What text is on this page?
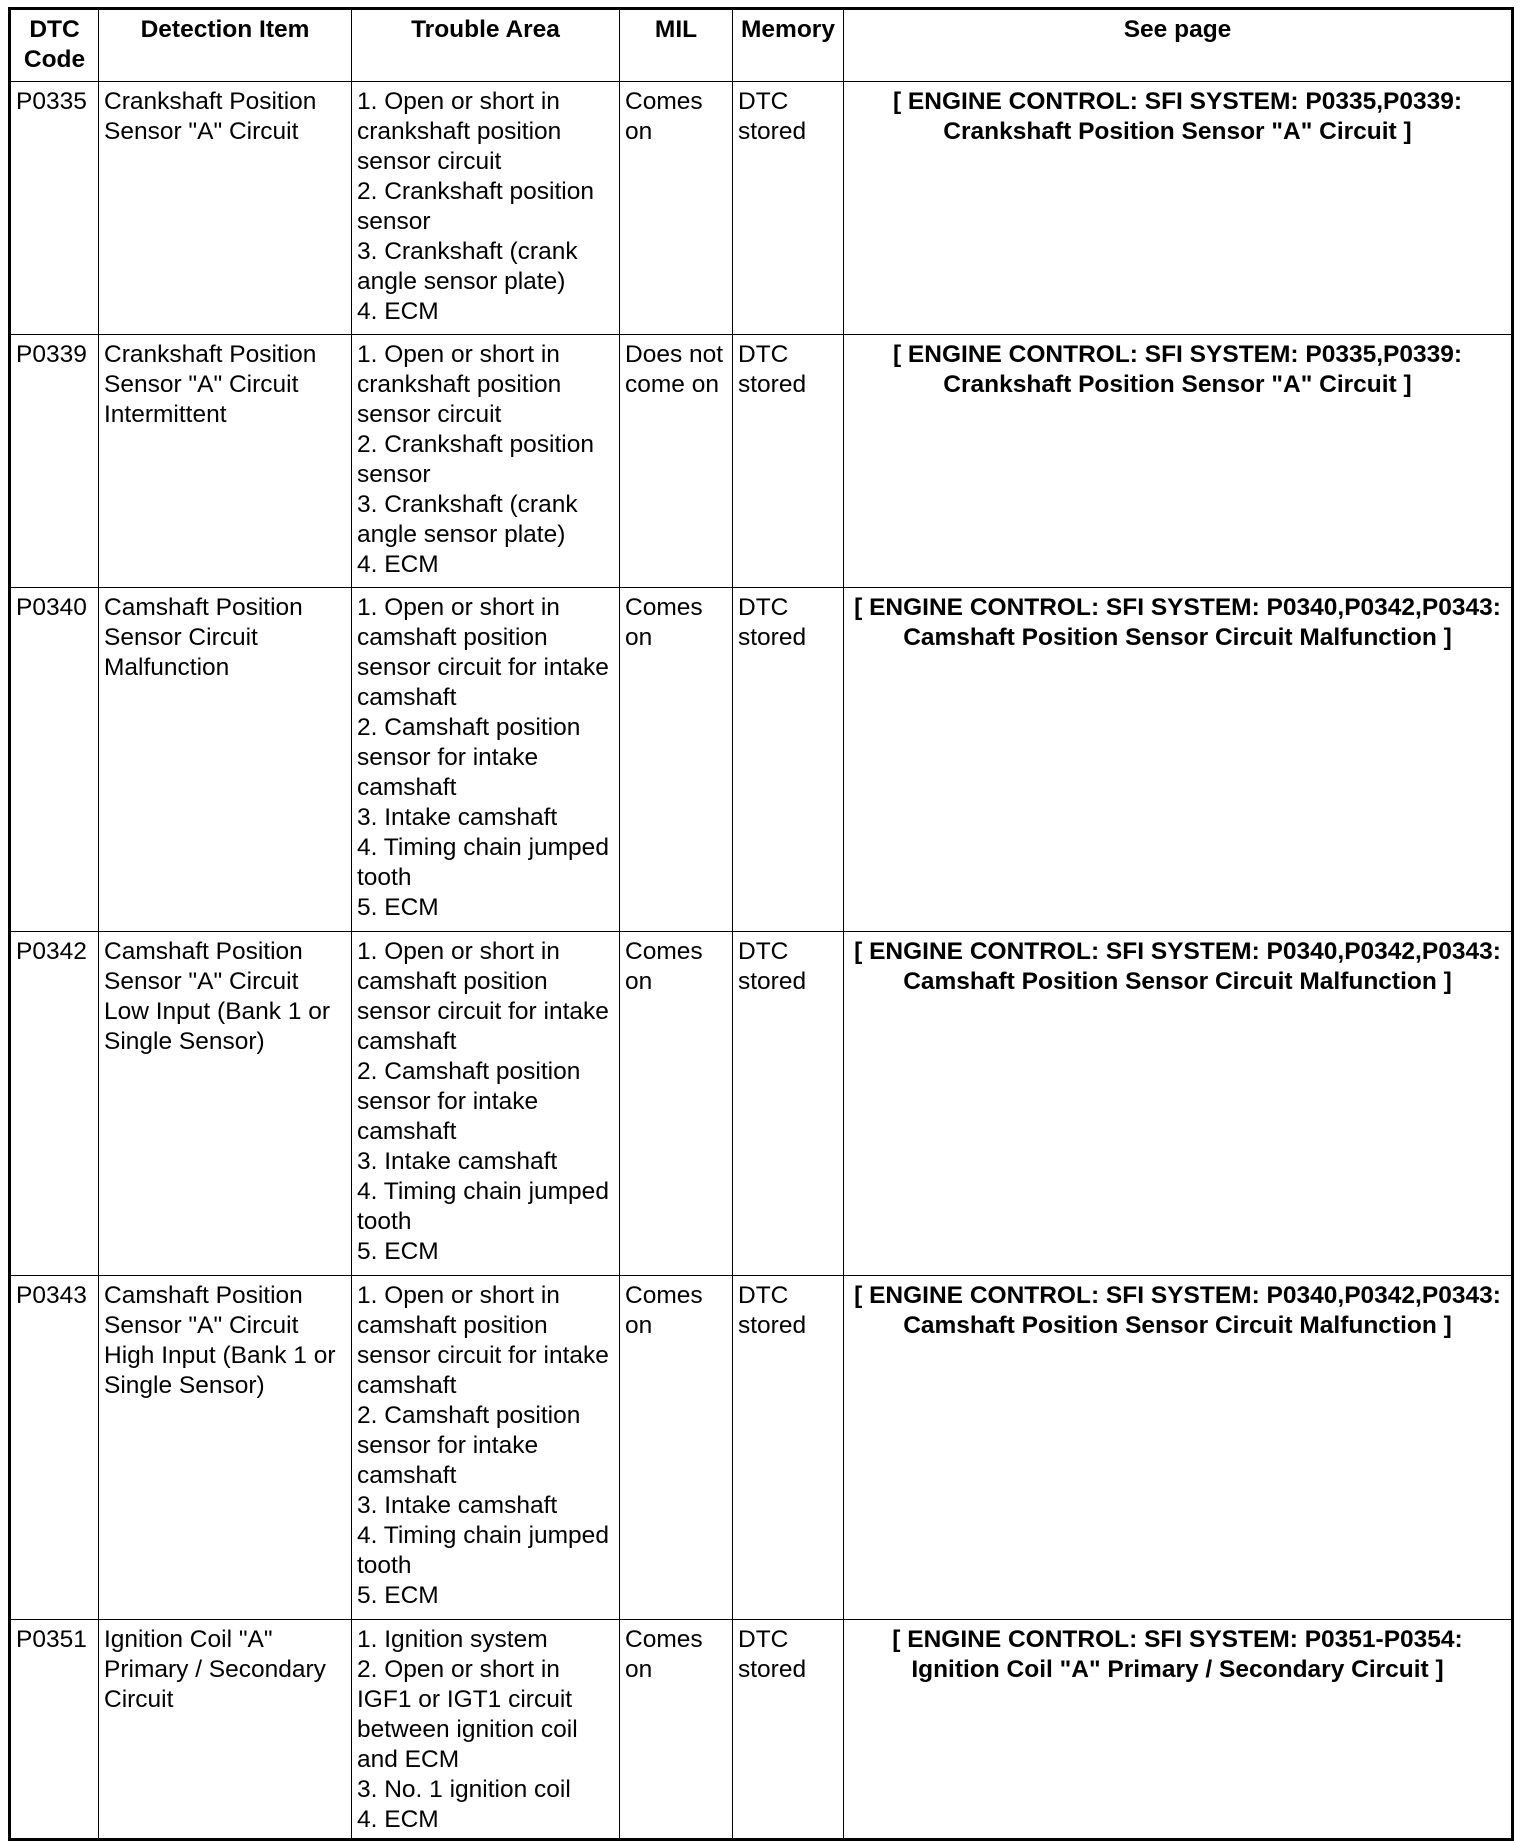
DTC Code	Detection Item	Trouble Area	MIL	Memory	See page
P0335	Crankshaft Position Sensor "A" Circuit	1. Open or short in crankshaft position sensor circuit
2. Crankshaft position sensor
3. Crankshaft (crank angle sensor plate)
4. ECM	Comes on	DTC stored	[ ENGINE CONTROL: SFI SYSTEM: P0335,P0339: Crankshaft Position Sensor "A" Circuit ]
P0339	Crankshaft Position Sensor "A" Circuit Intermittent	1. Open or short in crankshaft position sensor circuit
2. Crankshaft position sensor
3. Crankshaft (crank angle sensor plate)
4. ECM	Does not come on	DTC stored	[ ENGINE CONTROL: SFI SYSTEM: P0335,P0339: Crankshaft Position Sensor "A" Circuit ]
P0340	Camshaft Position Sensor Circuit Malfunction	1. Open or short in camshaft position sensor circuit for intake camshaft
2. Camshaft position sensor for intake camshaft
3. Intake camshaft
4. Timing chain jumped tooth
5. ECM	Comes on	DTC stored	[ ENGINE CONTROL: SFI SYSTEM: P0340,P0342,P0343: Camshaft Position Sensor Circuit Malfunction ]
P0342	Camshaft Position Sensor "A" Circuit Low Input (Bank 1 or Single Sensor)	1. Open or short in camshaft position sensor circuit for intake camshaft
2. Camshaft position sensor for intake camshaft
3. Intake camshaft
4. Timing chain jumped tooth
5. ECM	Comes on	DTC stored	[ ENGINE CONTROL: SFI SYSTEM: P0340,P0342,P0343: Camshaft Position Sensor Circuit Malfunction ]
P0343	Camshaft Position Sensor "A" Circuit High Input (Bank 1 or Single Sensor)	1. Open or short in camshaft position sensor circuit for intake camshaft
2. Camshaft position sensor for intake camshaft
3. Intake camshaft
4. Timing chain jumped tooth
5. ECM	Comes on	DTC stored	[ ENGINE CONTROL: SFI SYSTEM: P0340,P0342,P0343: Camshaft Position Sensor Circuit Malfunction ]
P0351	Ignition Coil "A" Primary / Secondary Circuit	1. Ignition system
2. Open or short in IGF1 or IGT1 circuit between ignition coil and ECM
3. No. 1 ignition coil
4. ECM	Comes on	DTC stored	[ ENGINE CONTROL: SFI SYSTEM: P0351-P0354: Ignition Coil "A" Primary / Secondary Circuit ]
